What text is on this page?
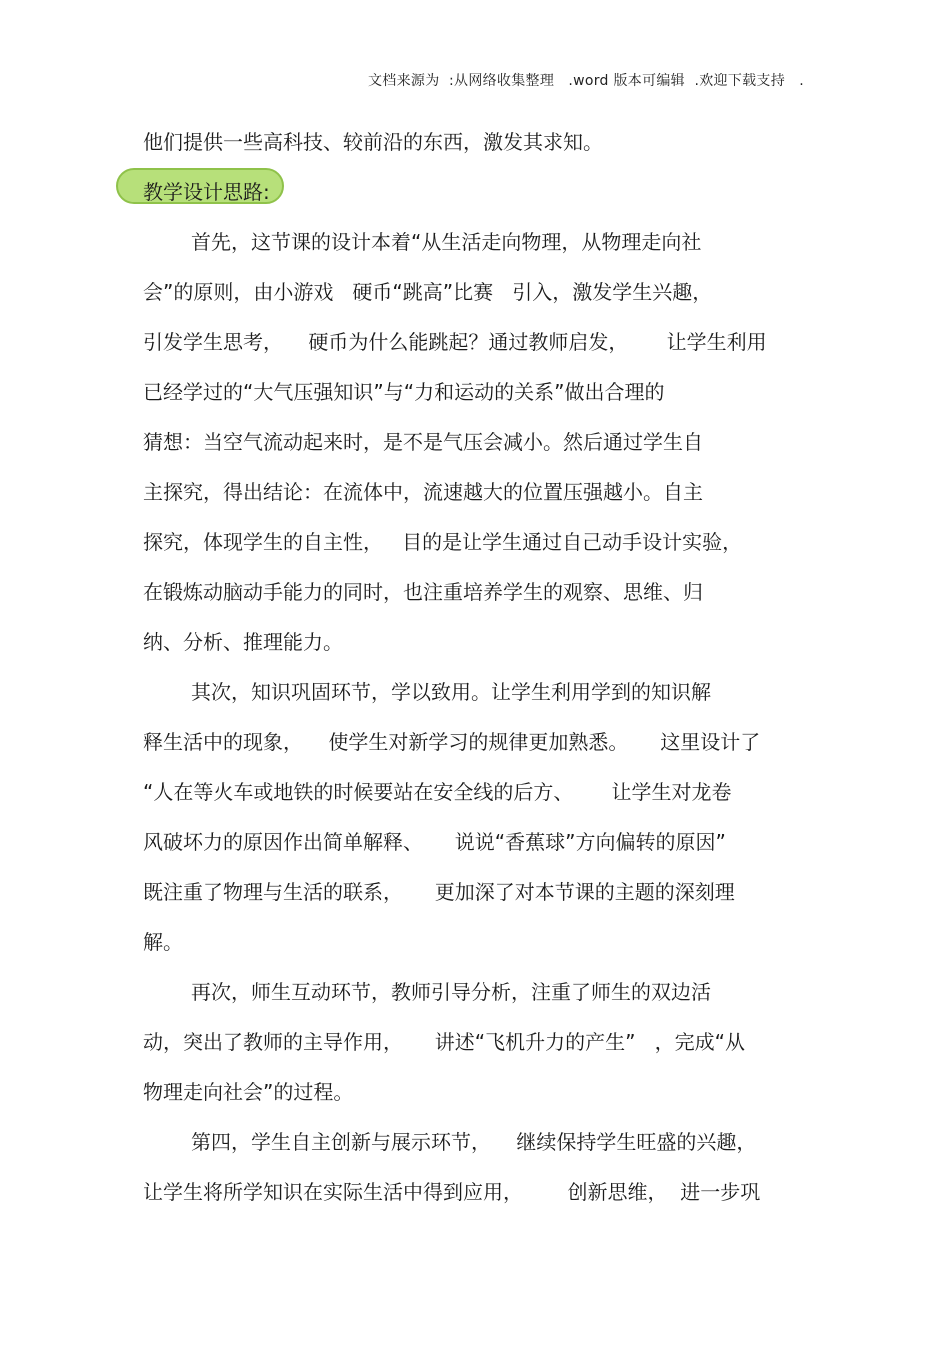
文档来源为  :从网络收集整理   .word 版本可编辑  .欢迎下载支持   .
他们提供一些高科技、较前沿的东西，激发其求知。
教学设计思路:
首先，这节课的设计本着“从生活走向物理，从物理走向社
会”的原则，由小游戏   硬币“跳高”比赛   引入，激发学生兴趣，
引发学生思考，    硬币为什么能跳起？通过教师启发，      让学生利用
已经学过的“大气压强知识”与“力和运动的关系”做出合理的
猜想：当空气流动起来时，是不是气压会减小。然后通过学生自
主探究，得出结论：在流体中，流速越大的位置压强越小。自主
探究，体现学生的自主性，   目的是让学生通过自己动手设计实验，
在锻炼动脑动手能力的同时，也注重培养学生的观察、思维、归
纳、分析、推理能力。
其次，知识巩固环节，学以致用。让学生利用学到的知识解
释生活中的现象，    使学生对新学习的规律更加熟悉。     这里设计了
“人在等火车或地铁的时候要站在安全线的后方、      让学生对龙卷
风破坏力的原因作出简单解释、     说说“香蕉球”方向偏转的原因”
既注重了物理与生活的联系，     更加深了对本节课的主题的深刻理
解。
再次，师生互动环节，教师引导分析，注重了师生的双边活
动，突出了教师的主导作用，     讲述“飞机升力的产生”   ，完成“从
物理走向社会”的过程。
第四，学生自主创新与展示环节，    继续保持学生旺盛的兴趣，
让学生将所学知识在实际生活中得到应用，       创新思维，  进一步巩
